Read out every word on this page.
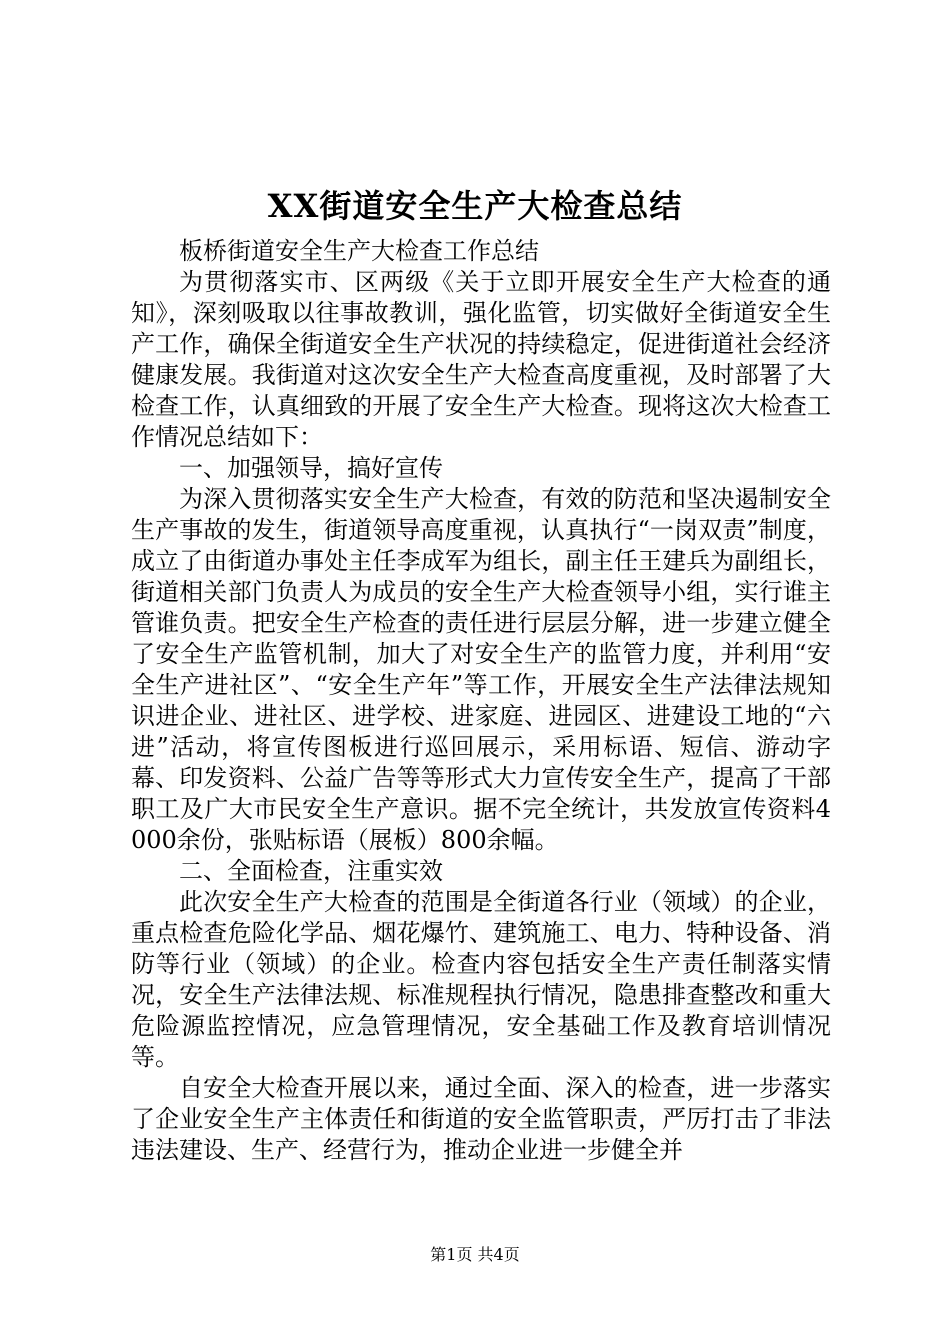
XX街道安全生产大检查总结

板桥街道安全生产大检查工作总结

为贯彻落实市、区两级《关于立即开展安全生产大检查的通知》，深刻吸取以往事故教训，强化监管，切实做好全街道安全生产工作，确保全街道安全生产状况的持续稳定，促进街道社会经济健康发展。我街道对这次安全生产大检查高度重视，及时部署了大检查工作，认真细致的开展了安全生产大检查。现将这次大检查工作情况总结如下：

一、加强领导，搞好宣传

为深入贯彻落实安全生产大检查，有效的防范和坚决遏制安全生产事故的发生，街道领导高度重视，认真执行“一岗双责”制度，成立了由街道办事处主任李成军为组长，副主任王建兵为副组长，街道相关部门负责人为成员的安全生产大检查领导小组，实行谁主管谁负责。把安全生产检查的责任进行层层分解，进一步建立健全了安全生产监管机制，加大了对安全生产的监管力度，并利用“安全生产进社区”、“安全生产年”等工作，开展安全生产法律法规知识进企业、进社区、进学校、进家庭、进园区、进建设工地的“六进”活动，将宣传图板进行巡回展示，采用标语、短信、游动字幕、印发资料、公益广告等等形式大力宣传安全生产，提高了干部职工及广大市民安全生产意识。据不完全统计，共发放宣传资料4000余份，张贴标语（展板）800余幅。

二、全面检查，注重实效

此次安全生产大检查的范围是全街道各行业（领域）的企业，重点检查危险化学品、烟花爆竹、建筑施工、电力、特种设备、消防等行业（领域）的企业。检查内容包括安全生产责任制落实情况，安全生产法律法规、标准规程执行情况，隐患排查整改和重大危险源监控情况，应急管理情况，安全基础工作及教育培训情况等。

自安全大检查开展以来，通过全面、深入的检查，进一步落实了企业安全生产主体责任和街道的安全监管职责，严厉打击了非法违法建设、生产、经营行为，推动企业进一步健全并

第1页 共4页
